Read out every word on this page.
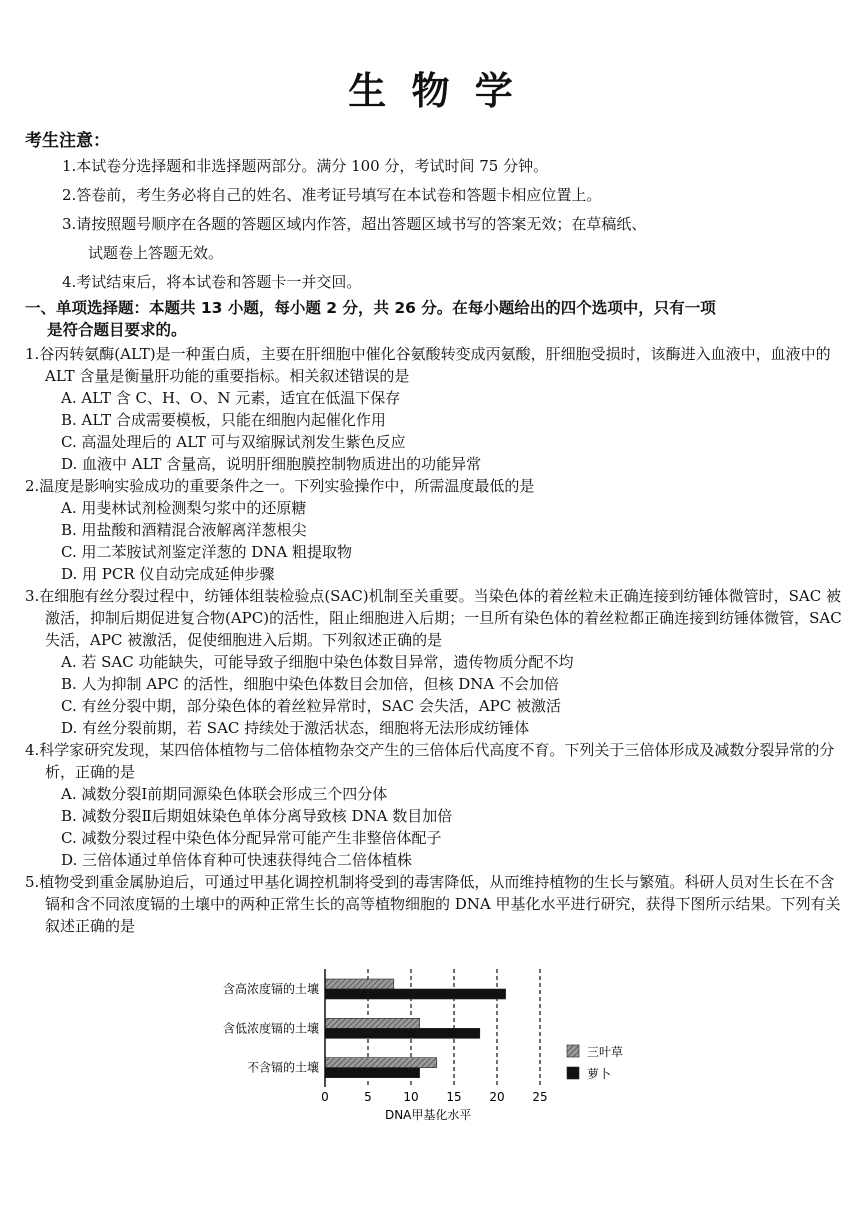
生 物 学
考生注意：
1.本试卷分选择题和非选择题两部分。满分 100 分，考试时间 75 分钟。
2.答卷前，考生务必将自己的姓名、准考证号填写在本试卷和答题卡相应位置上。
3.请按照题号顺序在各题的答题区域内作答，超出答题区域书写的答案无效；在草稿纸、
试题卷上答题无效。
4.考试结束后，将本试卷和答题卡一并交回。
一、单项选择题：本题共 13 小题，每小题 2 分，共 26 分。在每小题给出的四个选项中，只有一项
是符合题目要求的。
1.谷丙转氨酶(ALT)是一种蛋白质，主要在肝细胞中催化谷氨酸转变成丙氨酸，肝细胞受损时，该酶进入血液中，血液中的 ALT 含量是衡量肝功能的重要指标。相关叙述错误的是
A. ALT 含 C、H、O、N 元素，适宜在低温下保存
B. ALT 合成需要模板，只能在细胞内起催化作用
C. 高温处理后的 ALT 可与双缩脲试剂发生紫色反应
D. 血液中 ALT 含量高，说明肝细胞膜控制物质进出的功能异常
2.温度是影响实验成功的重要条件之一。下列实验操作中，所需温度最低的是
A. 用斐林试剂检测梨匀浆中的还原糖
B. 用盐酸和酒精混合液解离洋葱根尖
C. 用二苯胺试剂鉴定洋葱的 DNA 粗提取物
D. 用 PCR 仪自动完成延伸步骤
3.在细胞有丝分裂过程中，纺锤体组装检验点(SAC)机制至关重要。当染色体的着丝粒未正确连接到纺锤体微管时，SAC 被激活，抑制后期促进复合物(APC)的活性，阻止细胞进入后期；一旦所有染色体的着丝粒都正确连接到纺锤体微管，SAC 失活，APC 被激活，促使细胞进入后期。下列叙述正确的是
A. 若 SAC 功能缺失，可能导致子细胞中染色体数目异常，遗传物质分配不均
B. 人为抑制 APC 的活性，细胞中染色体数目会加倍，但核 DNA 不会加倍
C. 有丝分裂中期，部分染色体的着丝粒异常时，SAC 会失活，APC 被激活
D. 有丝分裂前期，若 SAC 持续处于激活状态，细胞将无法形成纺锤体
4.科学家研究发现，某四倍体植物与二倍体植物杂交产生的三倍体后代高度不育。下列关于三倍体形成及减数分裂异常的分析，正确的是
A. 减数分裂Ⅰ前期同源染色体联会形成三个四分体
B. 减数分裂Ⅱ后期姐妹染色单体分离导致核 DNA 数目加倍
C. 减数分裂过程中染色体分配异常可能产生非整倍体配子
D. 三倍体通过单倍体育种可快速获得纯合二倍体植株
5.植物受到重金属胁迫后，可通过甲基化调控机制将受到的毒害降低，从而维持植物的生长与繁殖。科研人员对生长在不含镉和含不同浓度镉的土壤中的两种正常生长的高等植物细胞的 DNA 甲基化水平进行研究，获得下图所示结果。下列有关叙述正确的是
含高浓度镉的土壤
含低浓度镉的土壤
不含镉的土壤
0	5	10 15 20 25
DNA甲基化水平
三叶草
萝卜
